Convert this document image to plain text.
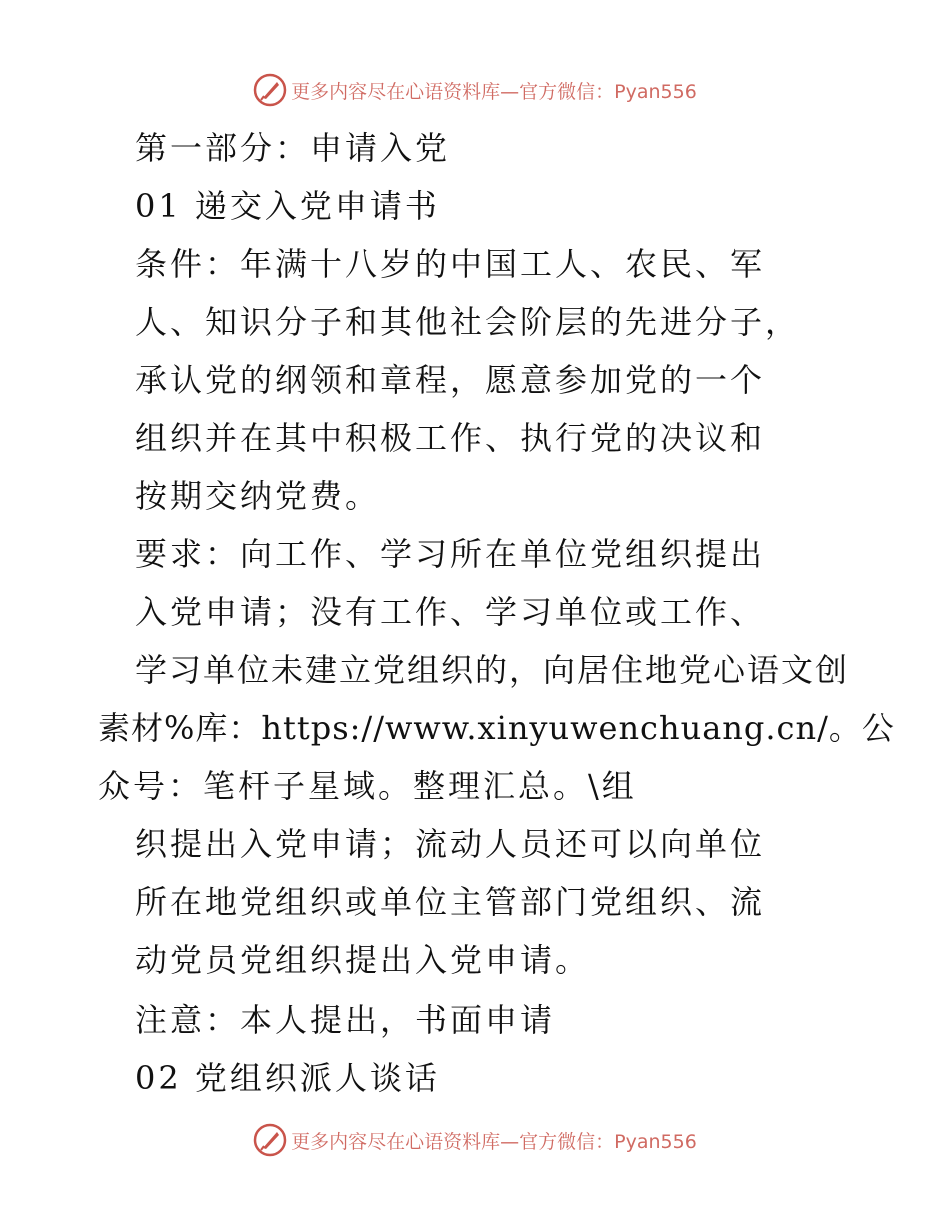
更多内容尽在心语资料库—官方微信：Pyan556
第一部分：申请入党
01 递交入党申请书
条件：年满十八岁的中国工人、农民、军
人、知识分子和其他社会阶层的先进分子，
承认党的纲领和章程，愿意参加党的一个
组织并在其中积极工作、执行党的决议和
按期交纳党费。
要求：向工作、学习所在单位党组织提出
入党申请；没有工作、学习单位或工作、
学习单位未建立党组织的，向居住地党心语文创
素材%库：https://www.xinyuwenchuang.cn/。公
众号：笔杆子星域。整理汇总。\组
织提出入党申请；流动人员还可以向单位
所在地党组织或单位主管部门党组织、流
动党员党组织提出入党申请。
注意：本人提出，书面申请
02 党组织派人谈话
更多内容尽在心语资料库—官方微信：Pyan556
